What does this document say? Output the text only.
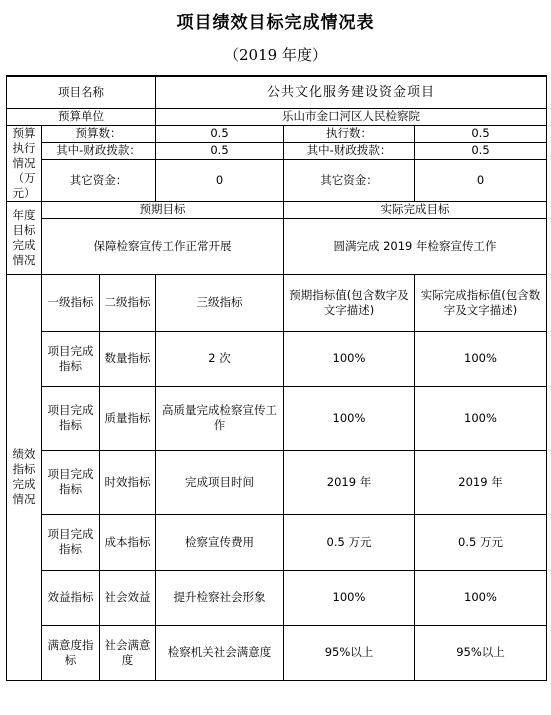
项目绩效目标完成情况表
（2019 年度）
项目名称			公共文化服务建设资金项目		
预算单位			乐山市金口河区人民检察院		
预算执行情况（万元）	预算数：		0.5	执行数：	0.5
	其中-财政拨款：		0.5	其中-财政拨款：	0.5
	其它资金：		0	其它资金：	0
年度目标完成情况	预期目标			实际完成目标	
	保障检察宣传工作正常开展			圆满完成 2019 年检察宣传工作	
绩效指标完成情况	一级指标	二级指标	三级指标	预期指标值(包含数字及文字描述)	实际完成指标值(包含数字及文字描述)
	项目完成指标	数量指标	2 次	100%	100%
	项目完成指标	质量指标	高质量完成检察宣传工作	100%	100%
	项目完成指标	时效指标	完成项目时间	2019 年	2019 年
	项目完成指标	成本指标	检察宣传费用	0.5 万元	0.5 万元
	效益指标	社会效益	提升检察社会形象	100%	100%
	满意度指标	社会满意度	检察机关社会满意度	95%以上	95%以上
